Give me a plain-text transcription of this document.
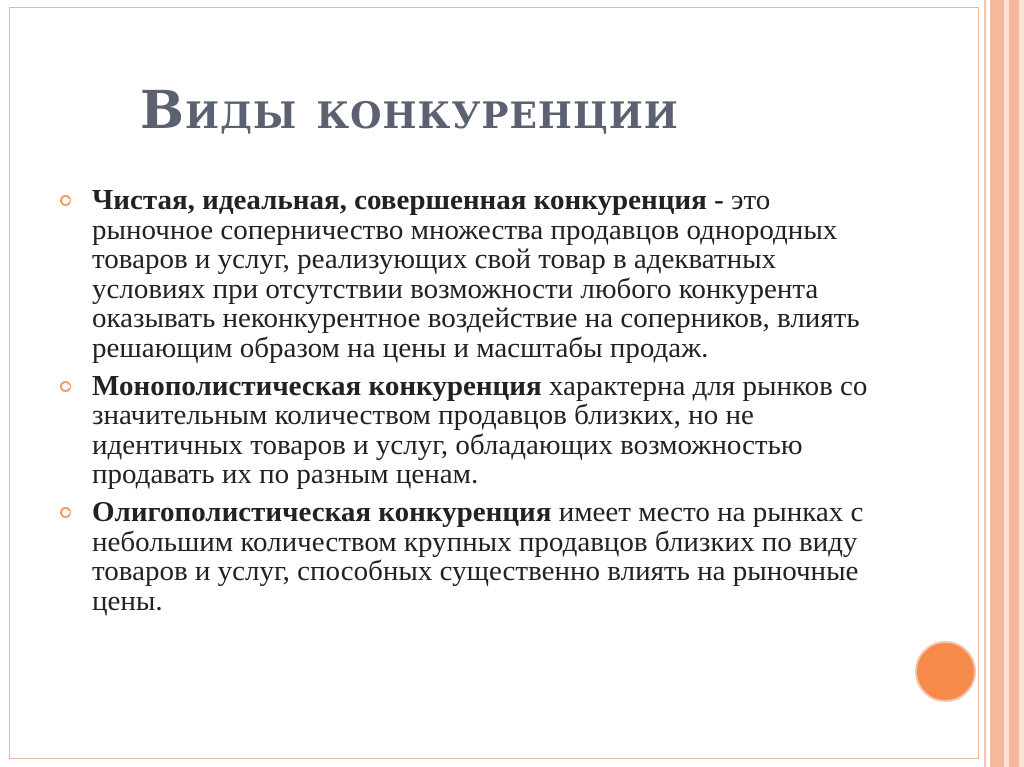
Виды конкуренции

Чистая, идеальная, совершенная конкуренция - это рыночное соперничество множества продавцов однородных товаров и услуг, реализующих свой товар в адекватных условиях при отсутствии возможности любого конкурента оказывать неконкурентное воздействие на соперников, влиять решающим образом на цены и масштабы продаж.

Монополистическая конкуренция характерна для рынков со значительным количеством продавцов близких, но не идентичных товаров и услуг, обладающих возможностью продавать их по разным ценам.

Олигополистическая конкуренция имеет место на рынках с небольшим количеством крупных продавцов близких по виду товаров и услуг, способных существенно влиять на рыночные цены.
